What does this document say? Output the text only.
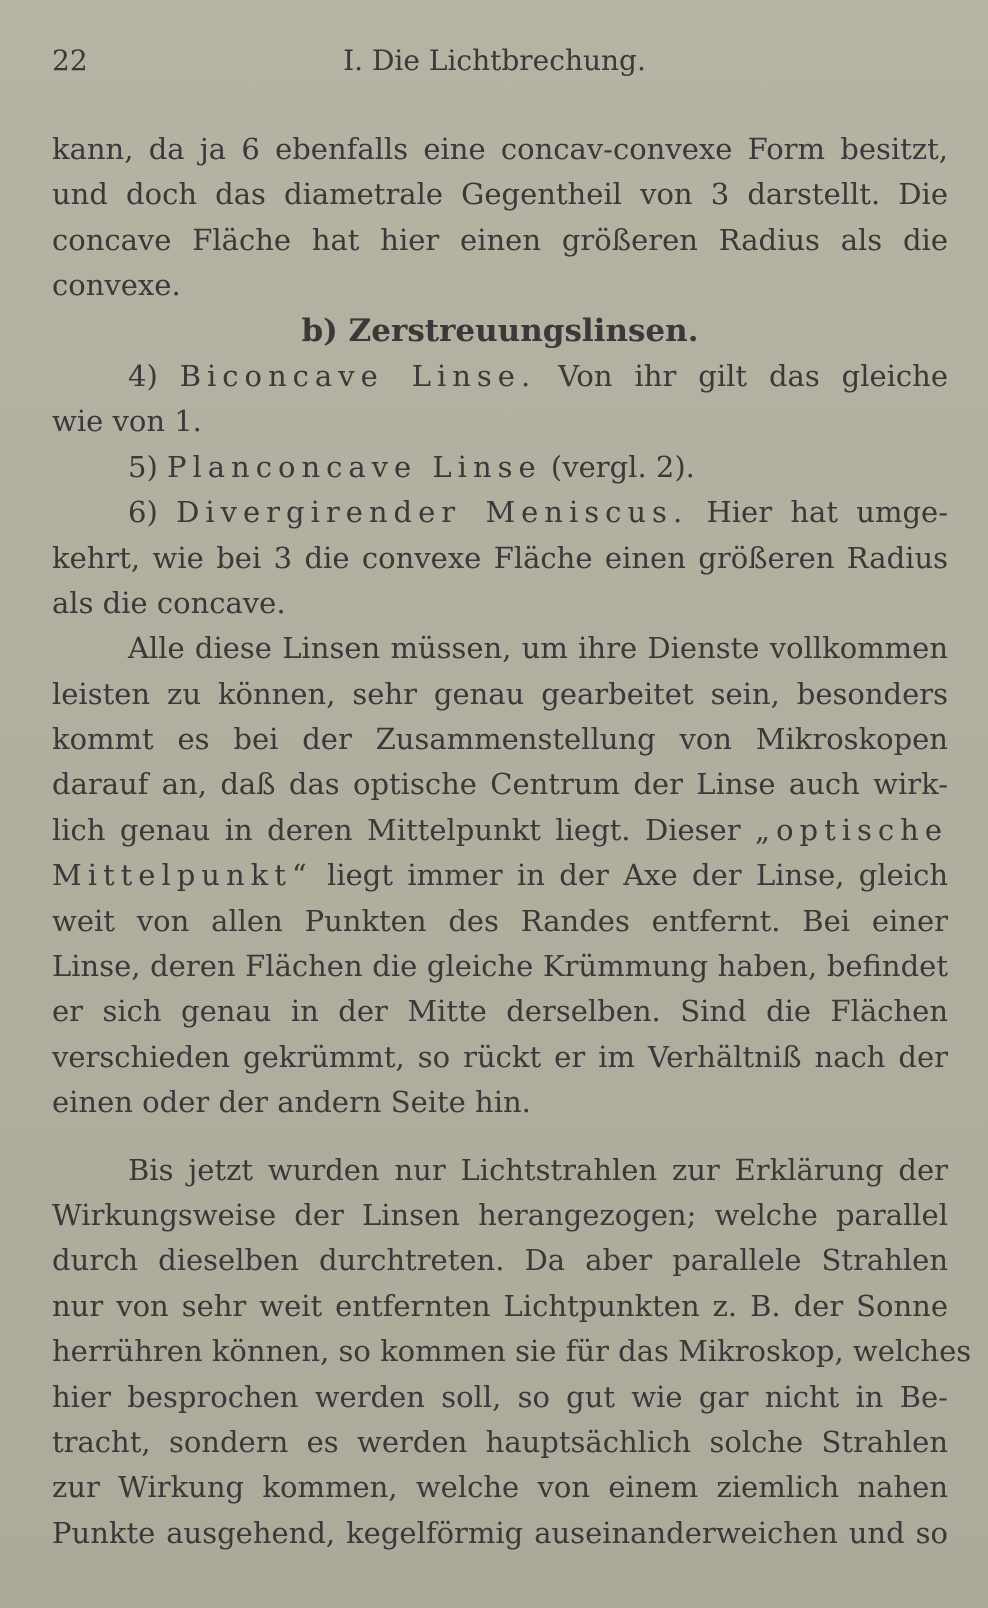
22	I. Die Lichtbrechung.
kann, da ja 6 ebenfalls eine concav-convexe Form besitzt,
und doch das diametrale Gegentheil von 3 darstellt. Die
concave Fläche hat hier einen größeren Radius als die
convexe.
b) Zerstreuungslinsen.
4) Biconcave Linse. Von ihr gilt das gleiche
wie von 1.
5) Planconcave Linse (vergl. 2).
6) Divergirender Meniscus. Hier hat umge-
kehrt, wie bei 3 die convexe Fläche einen größeren Radius
als die concave.
Alle diese Linsen müssen, um ihre Dienste vollkommen
leisten zu können, sehr genau gearbeitet sein, besonders
kommt es bei der Zusammenstellung von Mikroskopen
darauf an, daß das optische Centrum der Linse auch wirk-
lich genau in deren Mittelpunkt liegt. Dieser „optische
Mittelpunkt“ liegt immer in der Axe der Linse, gleich
weit von allen Punkten des Randes entfernt. Bei einer
Linse, deren Flächen die gleiche Krümmung haben, befindet
er sich genau in der Mitte derselben. Sind die Flächen
verschieden gekrümmt, so rückt er im Verhältniß nach der
einen oder der andern Seite hin.
Bis jetzt wurden nur Lichtstrahlen zur Erklärung der
Wirkungsweise der Linsen herangezogen; welche parallel
durch dieselben durchtreten. Da aber parallele Strahlen
nur von sehr weit entfernten Lichtpunkten z. B. der Sonne
herrühren können, so kommen sie für das Mikroskop, welches
hier besprochen werden soll, so gut wie gar nicht in Be-
tracht, sondern es werden hauptsächlich solche Strahlen
zur Wirkung kommen, welche von einem ziemlich nahen
Punkte ausgehend, kegelförmig auseinanderweichen und so
